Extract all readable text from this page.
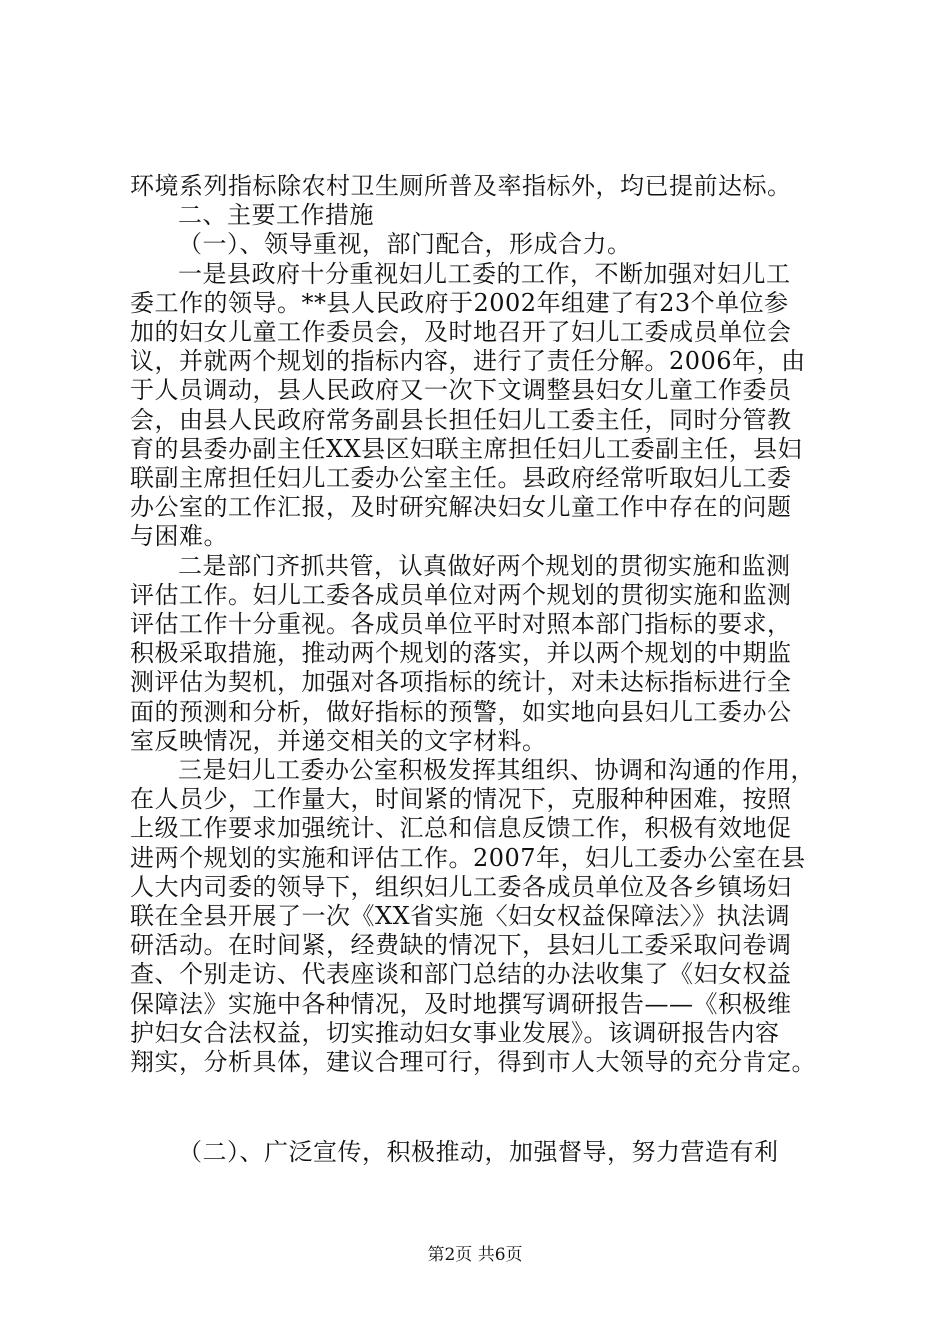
环境系列指标除农村卫生厕所普及率指标外，均已提前达标。
二、主要工作措施
（一）、领导重视，部门配合，形成合力。
一是县政府十分重视妇儿工委的工作，不断加强对妇儿工
委工作的领导。**县人民政府于2002年组建了有23个单位参
加的妇女儿童工作委员会，及时地召开了妇儿工委成员单位会
议，并就两个规划的指标内容，进行了责任分解。2006年，由
于人员调动，县人民政府又一次下文调整县妇女儿童工作委员
会，由县人民政府常务副县长担任妇儿工委主任，同时分管教
育的县委办副主任XX县区妇联主席担任妇儿工委副主任，县妇
联副主席担任妇儿工委办公室主任。县政府经常听取妇儿工委
办公室的工作汇报，及时研究解决妇女儿童工作中存在的问题
与困难。
二是部门齐抓共管，认真做好两个规划的贯彻实施和监测
评估工作。妇儿工委各成员单位对两个规划的贯彻实施和监测
评估工作十分重视。各成员单位平时对照本部门指标的要求，
积极采取措施，推动两个规划的落实，并以两个规划的中期监
测评估为契机，加强对各项指标的统计，对未达标指标进行全
面的预测和分析，做好指标的预警，如实地向县妇儿工委办公
室反映情况，并递交相关的文字材料。
三是妇儿工委办公室积极发挥其组织、协调和沟通的作用，
在人员少，工作量大，时间紧的情况下，克服种种困难，按照
上级工作要求加强统计、汇总和信息反馈工作，积极有效地促
进两个规划的实施和评估工作。2007年，妇儿工委办公室在县
人大内司委的领导下，组织妇儿工委各成员单位及各乡镇场妇
联在全县开展了一次《XX省实施〈妇女权益保障法〉》执法调
研活动。在时间紧，经费缺的情况下，县妇儿工委采取问卷调
查、个别走访、代表座谈和部门总结的办法收集了《妇女权益
保障法》实施中各种情况，及时地撰写调研报告——《积极维
护妇女合法权益，切实推动妇女事业发展》。该调研报告内容
翔实，分析具体，建议合理可行，得到市人大领导的充分肯定。
第2页 共6页
（二）、广泛宣传，积极推动，加强督导，努力营造有利
